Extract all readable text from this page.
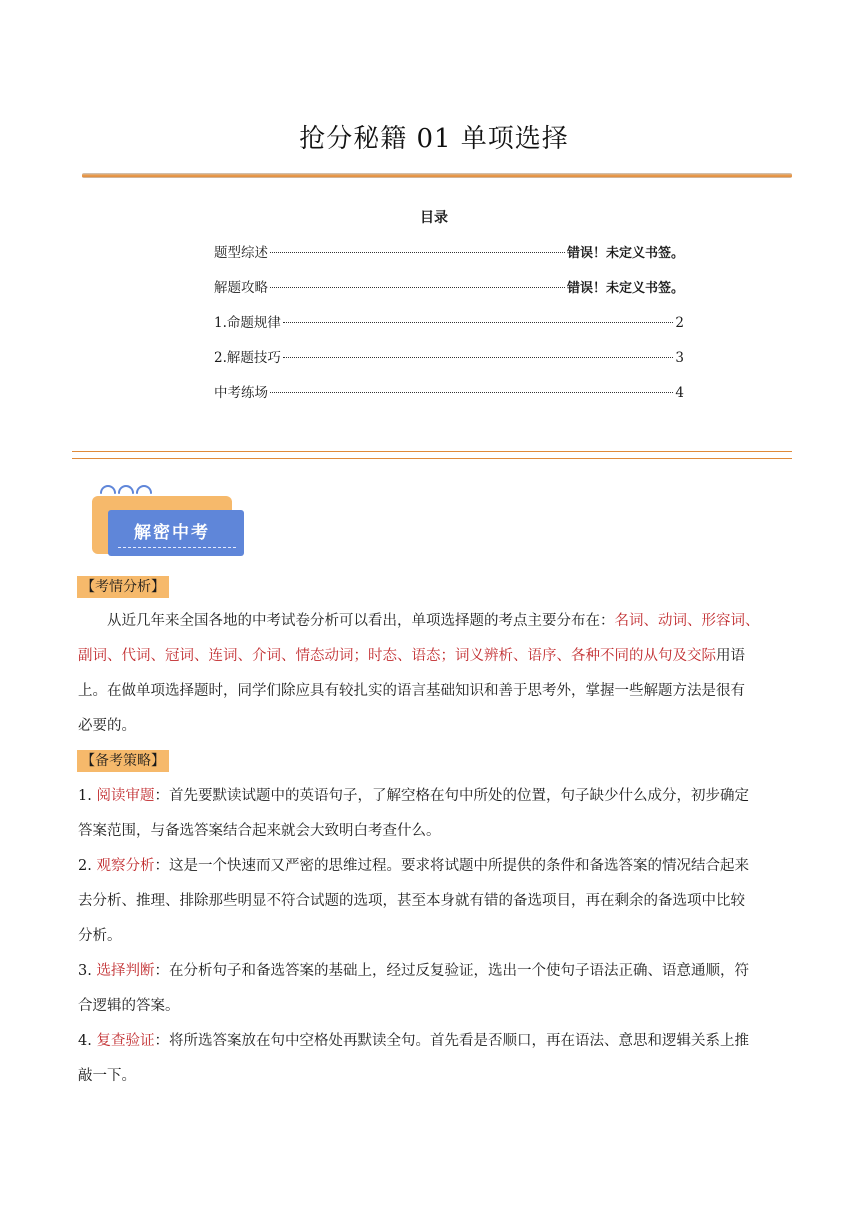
抢分秘籍 01 单项选择
目录
题型综述	错误！未定义书签。
解题攻略	错误！未定义书签。
1.命题规律	2
2.解题技巧	3
中考练场	4
解密中考
【考情分析】
从近几年来全国各地的中考试卷分析可以看出，单项选择题的考点主要分布在：名词、动词、形容词、
副词、代词、冠词、连词、介词、情态动词；时态、语态；词义辨析、语序、各种不同的从句及交际用语
上。在做单项选择题时，同学们除应具有较扎实的语言基础知识和善于思考外，掌握一些解题方法是很有
必要的。
【备考策略】
1. 阅读审题：首先要默读试题中的英语句子，了解空格在句中所处的位置，句子缺少什么成分，初步确定
答案范围，与备选答案结合起来就会大致明白考查什么。
2. 观察分析：这是一个快速而又严密的思维过程。要求将试题中所提供的条件和备选答案的情况结合起来
去分析、推理、排除那些明显不符合试题的选项，甚至本身就有错的备选项目，再在剩余的备选项中比较
分析。
3. 选择判断：在分析句子和备选答案的基础上，经过反复验证，选出一个使句子语法正确、语意通顺，符
合逻辑的答案。
4. 复查验证：将所选答案放在句中空格处再默读全句。首先看是否顺口，再在语法、意思和逻辑关系上推
敲一下。
